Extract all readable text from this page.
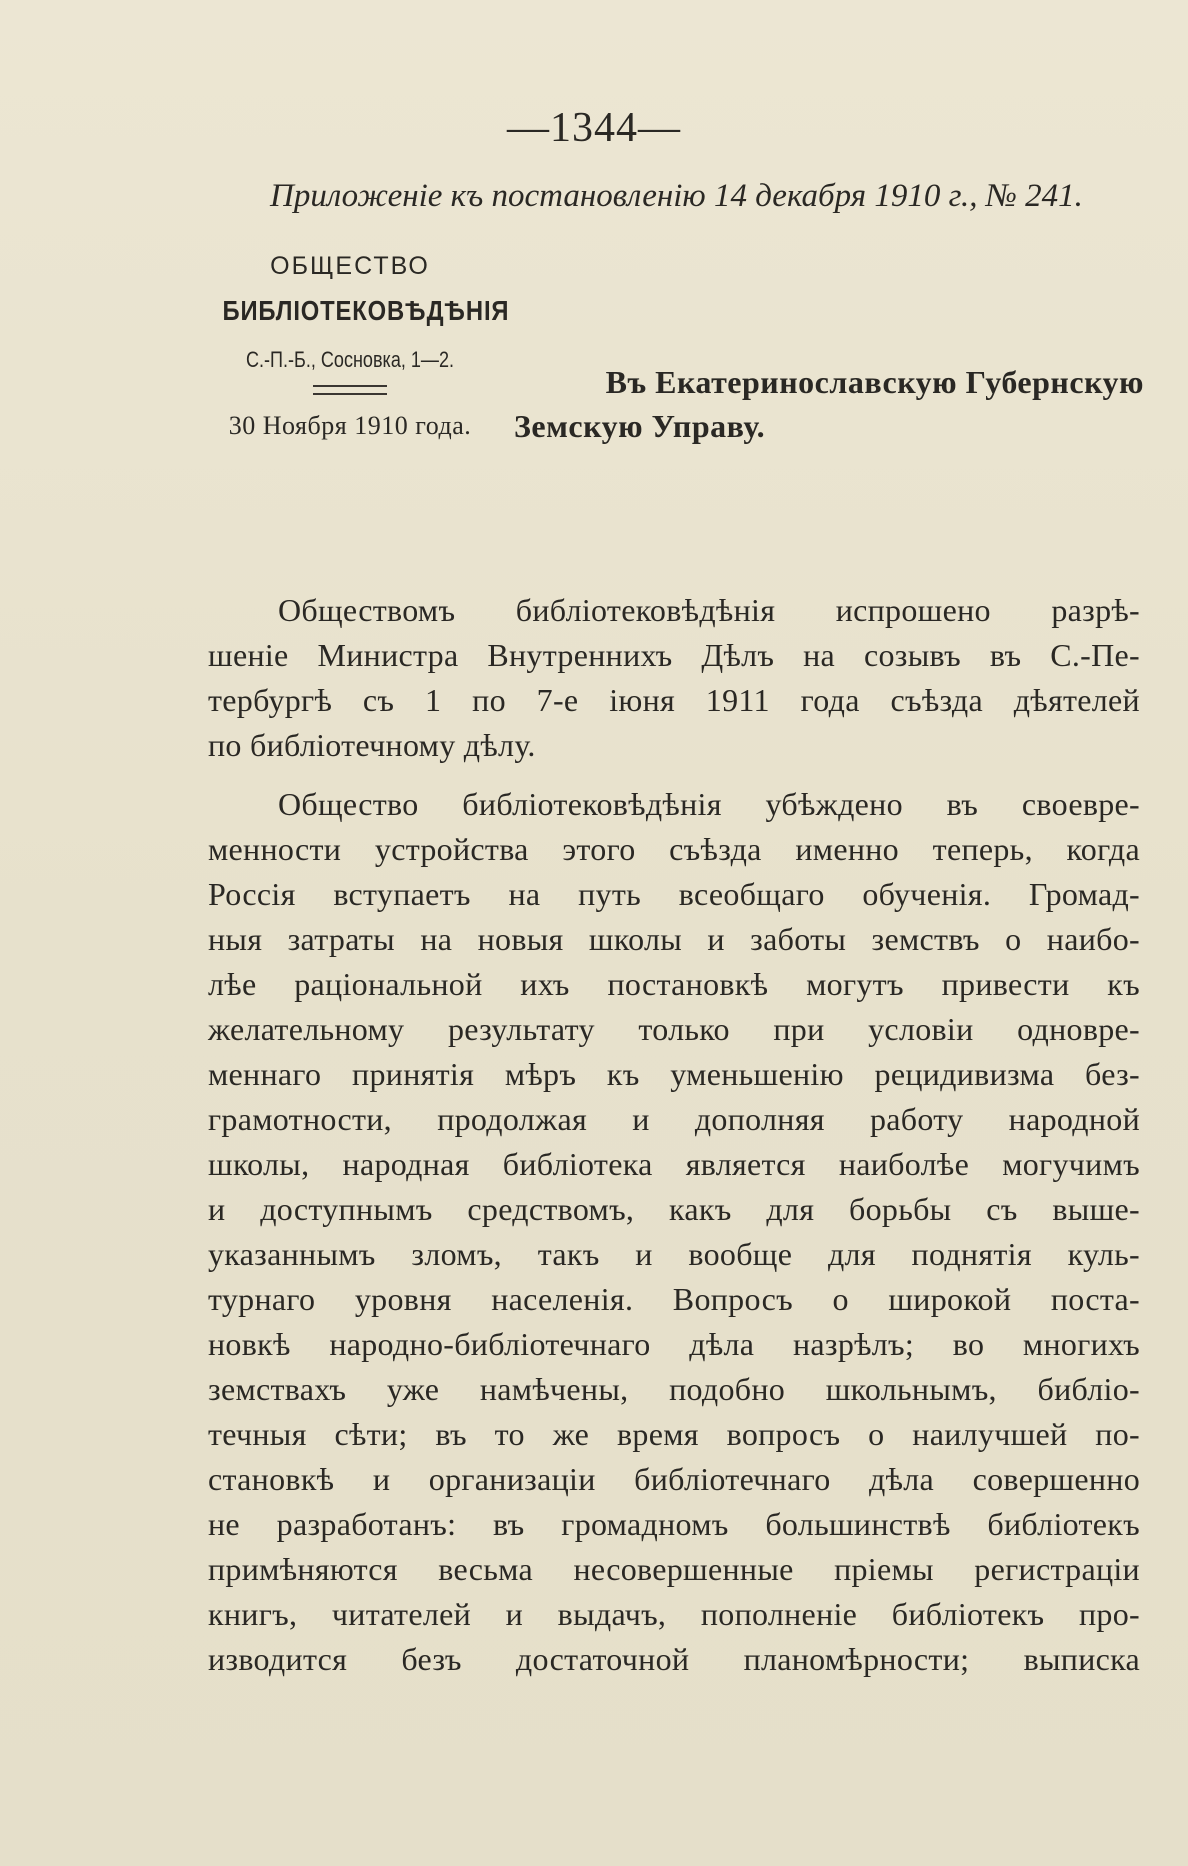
—1344—
Приложенiе къ постановленiю 14 декабря 1910 г., № 241.
ОБЩЕСТВО
БИБЛIОТЕКОВѢДѢНIЯ
С.-П.-Б., Сосновка, 1—2.
30 Ноября 1910 года.
Въ Екатеринославскую Губернскую
Земскую Управу.
Обществомъ библiотековѣдѣнiя испрошено разрѣ-
шенiе Министра Внутреннихъ Дѣлъ на созывъ въ С.-Пе-
тербургѣ съ 1 по 7-е iюня 1911 года съѣзда дѣятелей
по библiотечному дѣлу.
Общество библiотековѣдѣнiя убѣждено въ своевре-
менности устройства этого съѣзда именно теперь, когда
Россiя вступаетъ на путь всеобщаго обученiя. Громад-
ныя затраты на новыя школы и заботы земствъ о наибо-
лѣе рацiональной ихъ постановкѣ могутъ привести къ
желательному результату только при условiи одновре-
меннаго принятiя мѣръ къ уменьшенiю рецидивизма без-
грамотности, продолжая и дополняя работу народной
школы, народная библiотека является наиболѣе могучимъ
и доступнымъ средствомъ, какъ для борьбы съ выше-
указаннымъ зломъ, такъ и вообще для поднятiя куль-
турнаго уровня населенiя. Вопросъ о широкой поста-
новкѣ народно-библiотечнаго дѣла назрѣлъ; во многихъ
земствахъ уже намѣчены, подобно школьнымъ, библiо-
течныя сѣти; въ то же время вопросъ о наилучшей по-
становкѣ и организацiи библiотечнаго дѣла совершенно
не разработанъ: въ громадномъ большинствѣ библiотекъ
примѣняются весьма несовершенные прiемы регистрацiи
книгъ, читателей и выдачъ, пополненiе библiотекъ про-
изводится безъ достаточной планомѣрности; выписка
